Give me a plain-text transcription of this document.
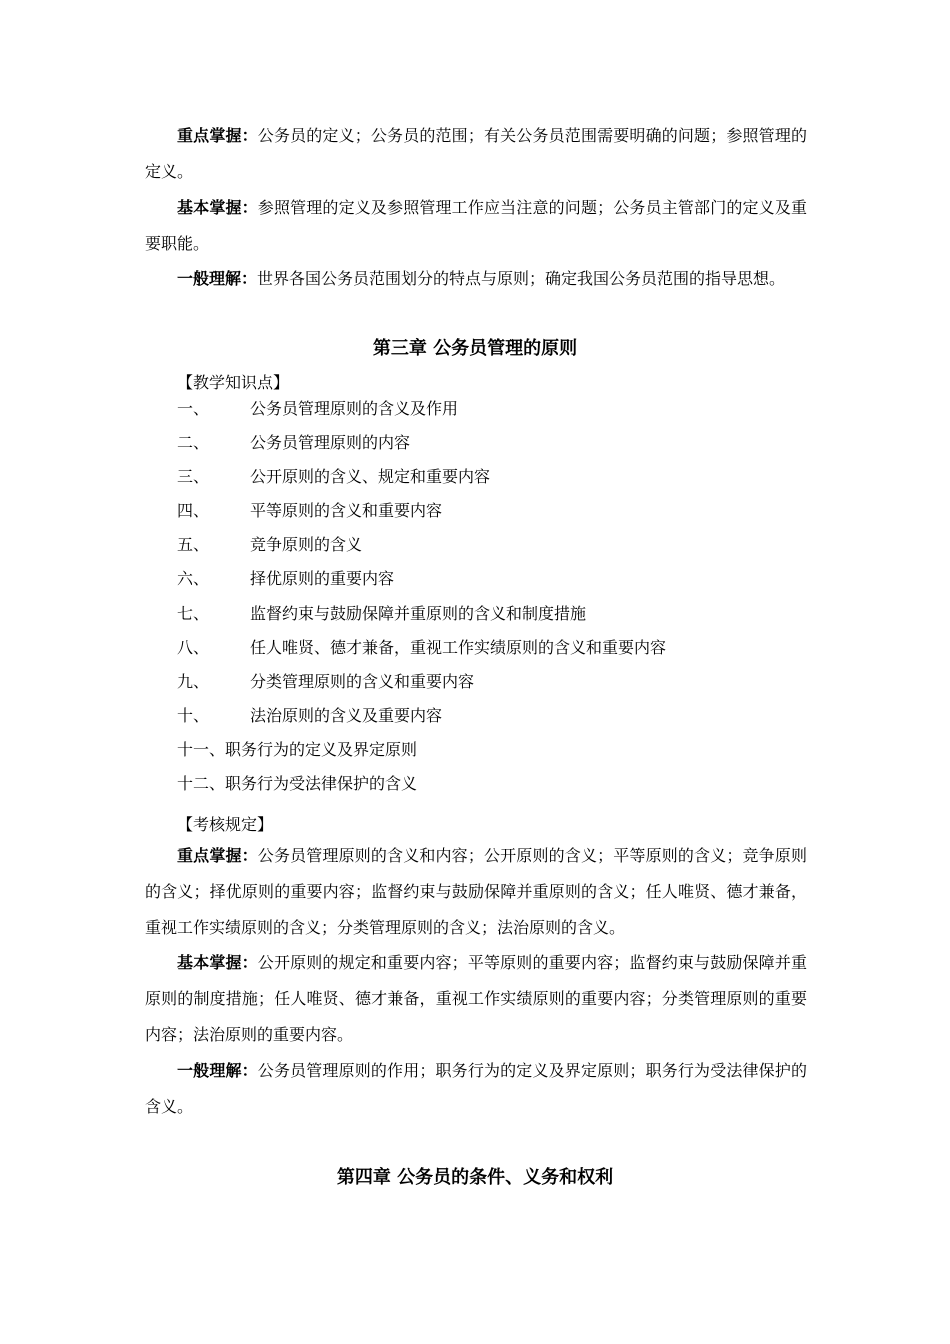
重点掌握：公务员的定义；公务员的范围；有关公务员范围需要明确的问题；参照管理的定义。

基本掌握：参照管理的定义及参照管理工作应当注意的问题；公务员主管部门的定义及重要职能。

一般理解：世界各国公务员范围划分的特点与原则；确定我国公务员范围的指导思想。

第三章 公务员管理的原则

【教学知识点】

一、	公务员管理原则的含义及作用
二、	公务员管理原则的内容
三、	公开原则的含义、规定和重要内容
四、	平等原则的含义和重要内容
五、	竞争原则的含义
六、	择优原则的重要内容
七、	监督约束与鼓励保障并重原则的含义和制度措施
八、	任人唯贤、德才兼备，重视工作实绩原则的含义和重要内容
九、	分类管理原则的含义和重要内容
十、	法治原则的含义及重要内容
十一、职务行为的定义及界定原则
十二、职务行为受法律保护的含义

【考核规定】

重点掌握：公务员管理原则的含义和内容；公开原则的含义；平等原则的含义；竞争原则的含义；择优原则的重要内容；监督约束与鼓励保障并重原则的含义；任人唯贤、德才兼备，重视工作实绩原则的含义；分类管理原则的含义；法治原则的含义。

基本掌握：公开原则的规定和重要内容；平等原则的重要内容；监督约束与鼓励保障并重原则的制度措施；任人唯贤、德才兼备，重视工作实绩原则的重要内容；分类管理原则的重要内容；法治原则的重要内容。

一般理解：公务员管理原则的作用；职务行为的定义及界定原则；职务行为受法律保护的含义。

第四章 公务员的条件、义务和权利
